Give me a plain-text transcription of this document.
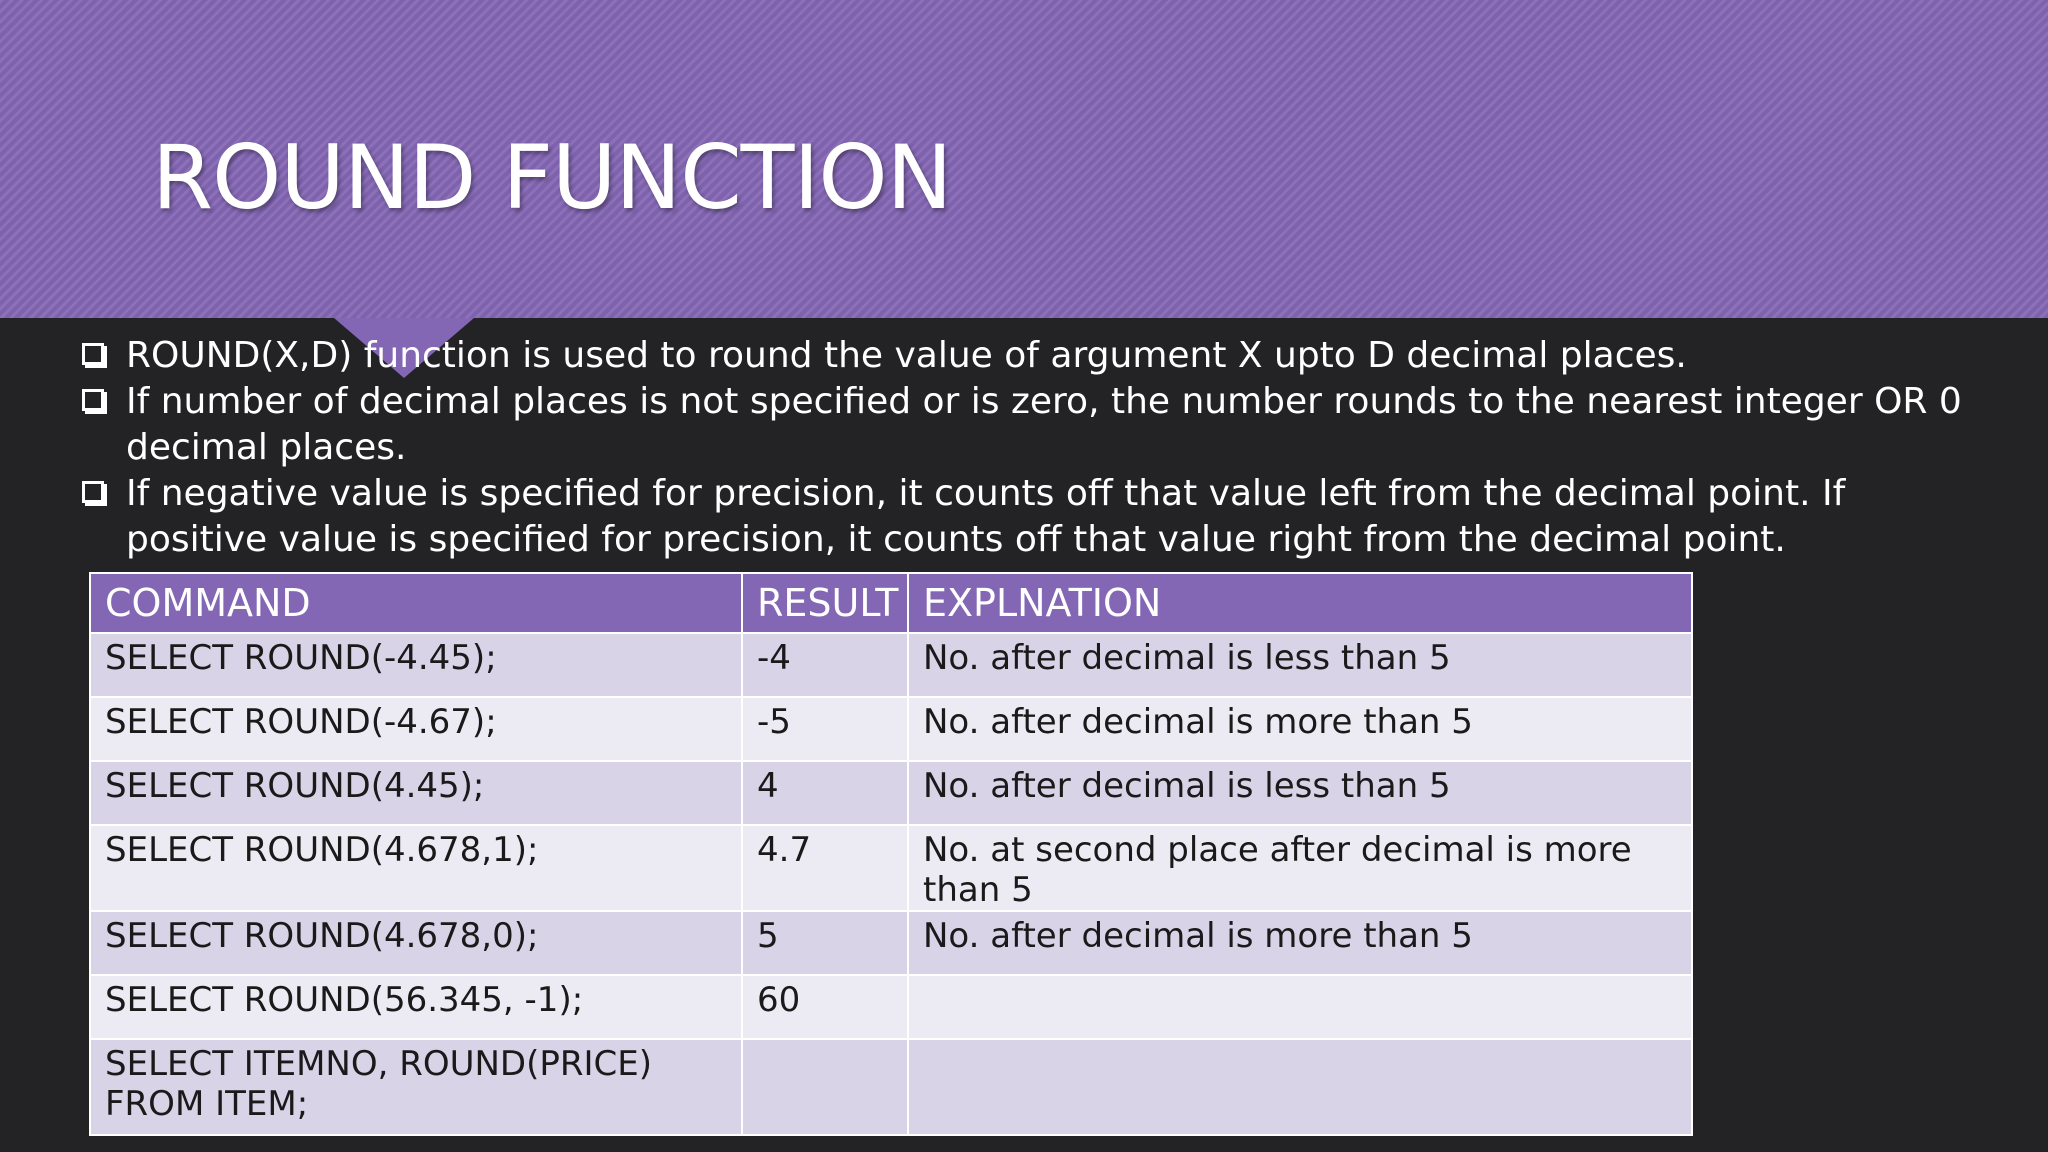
ROUND FUNCTION
ROUND(X,D) function is used to round the value of argument X upto D decimal places.
If number of decimal places is not specified or is zero, the number rounds to the nearest integer OR 0 decimal places.
If negative value is specified for precision, it counts off that value left from the decimal point. If positive value is specified for precision, it counts off that value right from the decimal point.
COMMAND	RESULT	EXPLNATION
SELECT ROUND(-4.45);	-4	No. after decimal is less than 5
SELECT ROUND(-4.67);	-5	No. after decimal is more than 5
SELECT ROUND(4.45);	4	No. after decimal is less than 5
SELECT ROUND(4.678,1);	4.7	No. at second place after decimal is more than 5
SELECT ROUND(4.678,0);	5	No. after decimal is more than 5
SELECT ROUND(56.345, -1);	60	
SELECT ITEMNO, ROUND(PRICE) FROM ITEM;		
